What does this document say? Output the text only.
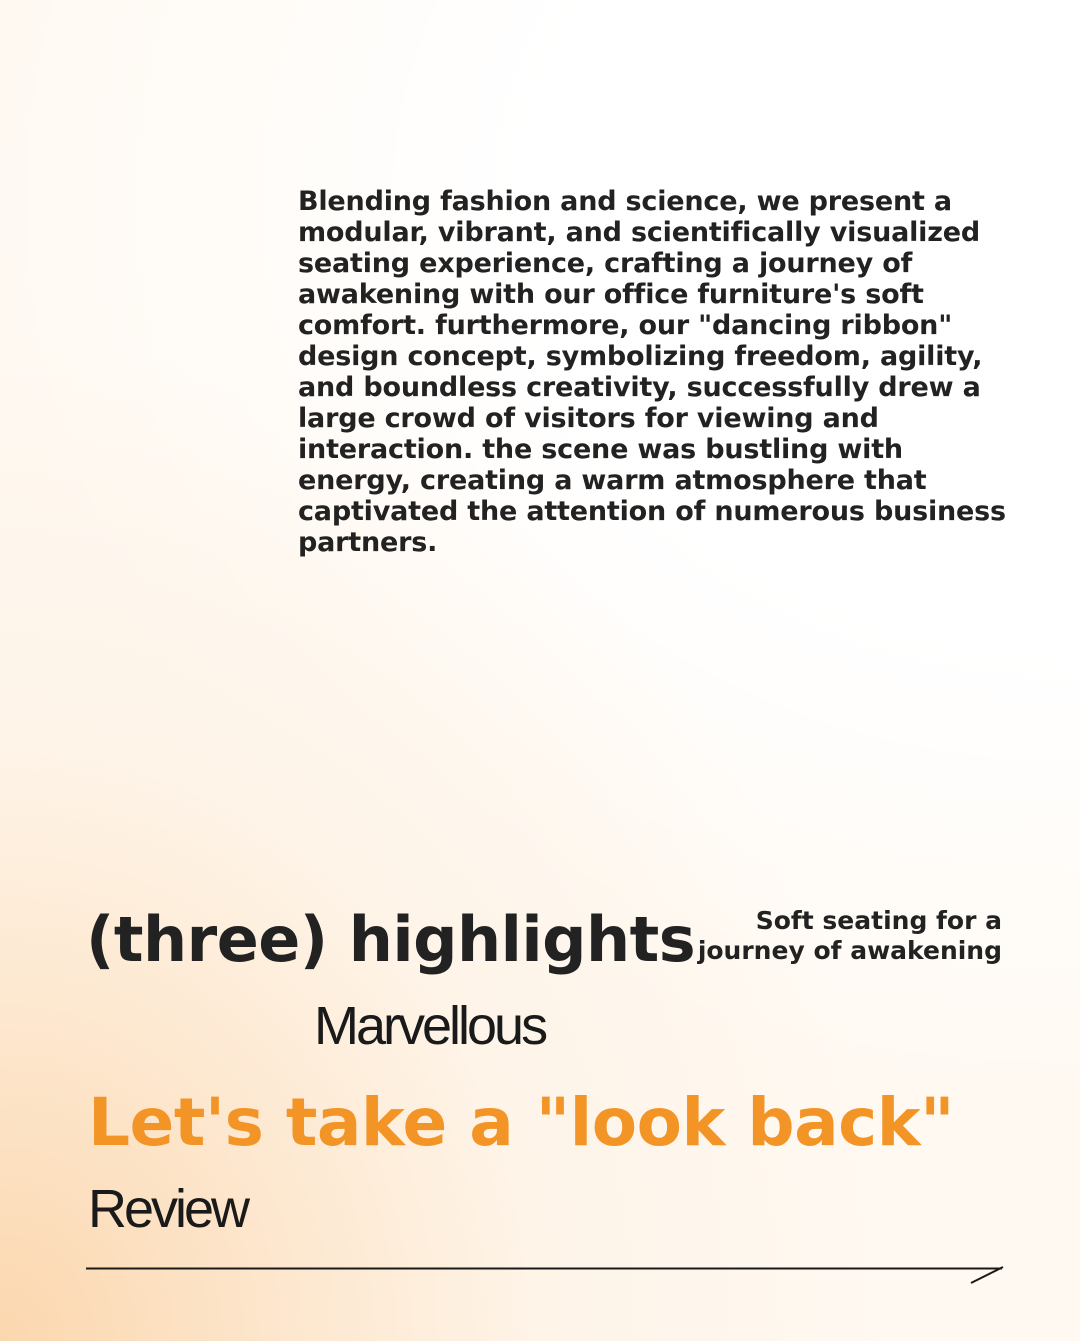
Blending fashion and science, we present a modular, vibrant, and scientifically visualized seating experience, crafting a journey of awakening with our office furniture's soft comfort. furthermore, our "dancing ribbon" design concept, symbolizing freedom, agility, and boundless creativity, successfully drew a large crowd of visitors for viewing and interaction. the scene was bustling with energy, creating a warm atmosphere that captivated the attention of numerous business partners.
(three) highlights	Soft seating for a
journey of awakening
Marvellous
Let's take a "look back"
Review
